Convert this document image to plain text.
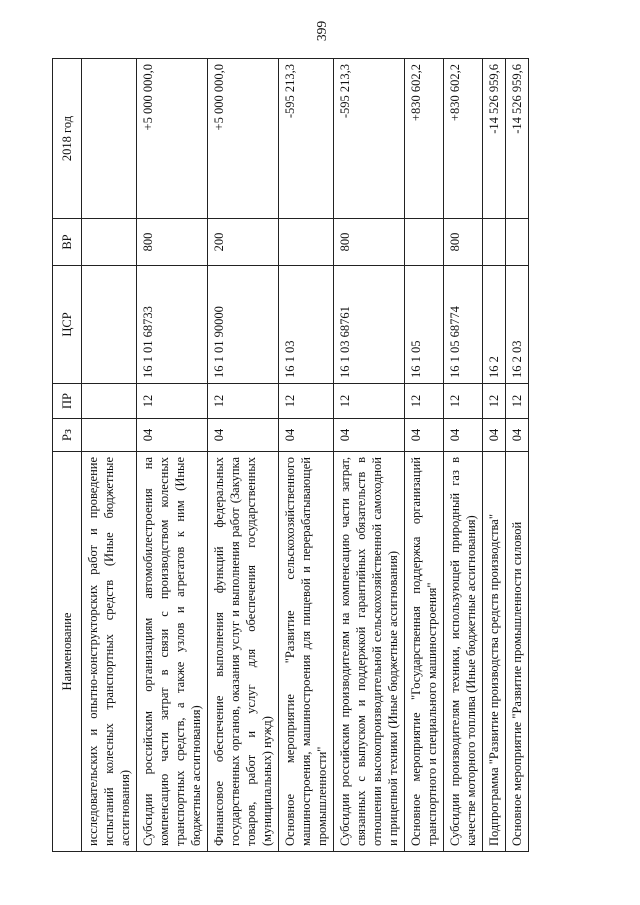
399
Наименование	Рз	ПР	ЦСР	ВР	2018 год
исследовательских и опытно-конструкторских работ и проведение испытаний колесных транспортных средств (Иные бюджетные ассигнования)					
Субсидии российским организациям автомобилестроения на компенсацию части затрат в связи с производством колесных транспортных средств, а также узлов и агрегатов к ним (Иные бюджетные ассигнования)	04	12	16 1 01 68733	800	+5 000 000,0
Финансовое обеспечение выполнения функций федеральных государственных органов, оказания услуг и выполнения работ (Закупка товаров, работ и услуг для обеспечения государственных (муниципальных) нужд)	04	12	16 1 01 90000	200	+5 000 000,0
Основное мероприятие "Развитие сельскохозяйственного машиностроения, машиностроения для пищевой и перерабатывающей промышленности"	04	12	16 1 03		-595 213,3
Субсидии российским производителям на компенсацию части затрат, связанных с выпуском и поддержкой гарантийных обязательств в отношении высокопроизводительной сельскохозяйственной самоходной и прицепной техники (Иные бюджетные ассигнования)	04	12	16 1 03 68761	800	-595 213,3
Основное мероприятие "Государственная поддержка организаций транспортного и специального машиностроения"	04	12	16 1 05		+830 602,2
Субсидии производителям техники, использующей природный газ в качестве моторного топлива (Иные бюджетные ассигнования)	04	12	16 1 05 68774	800	+830 602,2
Подпрограмма "Развитие производства средств производства"	04	12	16 2		-14 526 959,6
Основное мероприятие "Развитие промышленности силовой	04	12	16 2 03		-14 526 959,6
